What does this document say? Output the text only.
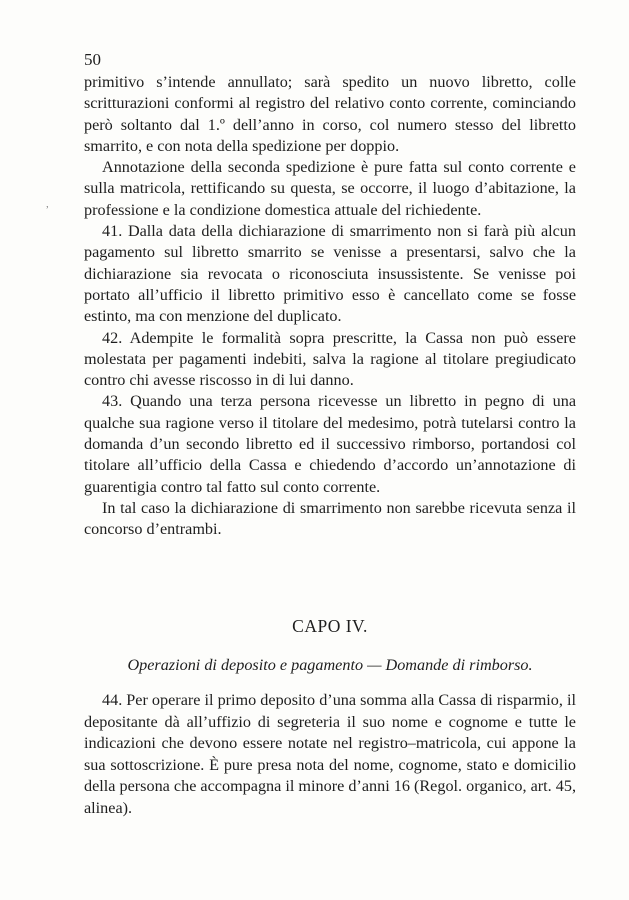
50

primitivo s’intende annullato; sarà spedito un nuovo libretto, colle scritturazioni conformi al registro del relativo conto corrente, cominciando però soltanto dal 1.º dell’anno in corso, col numero stesso del libretto smarrito, e con nota della spedizione per doppio.

Annotazione della seconda spedizione è pure fatta sul conto corrente e sulla matricola, rettificando su questa, se occorre, il luogo d’abitazione, la professione e la condizione domestica attuale del richiedente.

41. Dalla data della dichiarazione di smarrimento non si farà più alcun pagamento sul libretto smarrito se venisse a presentarsi, salvo che la dichiarazione sia revocata o riconosciuta insussistente. Se venisse poi portato all’ufficio il libretto primitivo esso è cancellato come se fosse estinto, ma con menzione del duplicato.

42. Adempite le formalità sopra prescritte, la Cassa non può essere molestata per pagamenti indebiti, salva la ragione al titolare pregiudicato contro chi avesse riscosso in di lui danno.

43. Quando una terza persona ricevesse un libretto in pegno di una qualche sua ragione verso il titolare del medesimo, potrà tutelarsi contro la domanda d’un secondo libretto ed il successivo rimborso, portandosi col titolare all’ufficio della Cassa e chiedendo d’accordo un’annotazione di guarentigia contro tal fatto sul conto corrente.

In tal caso la dichiarazione di smarrimento non sarebbe ricevuta senza il concorso d’entrambi.

CAPO IV.
Operazioni di deposito e pagamento — Domande di rimborso.

44. Per operare il primo deposito d’una somma alla Cassa di risparmio, il depositante dà all’uffizio di segreteria il suo nome e cognome e tutte le indicazioni che devono essere notate nel registro–matricola, cui appone la sua sottoscrizione. È pure presa nota del nome, cognome, stato e domicilio della persona che accompagna il minore d’anni 16 (Regol. organico, art. 45, alinea).

,
